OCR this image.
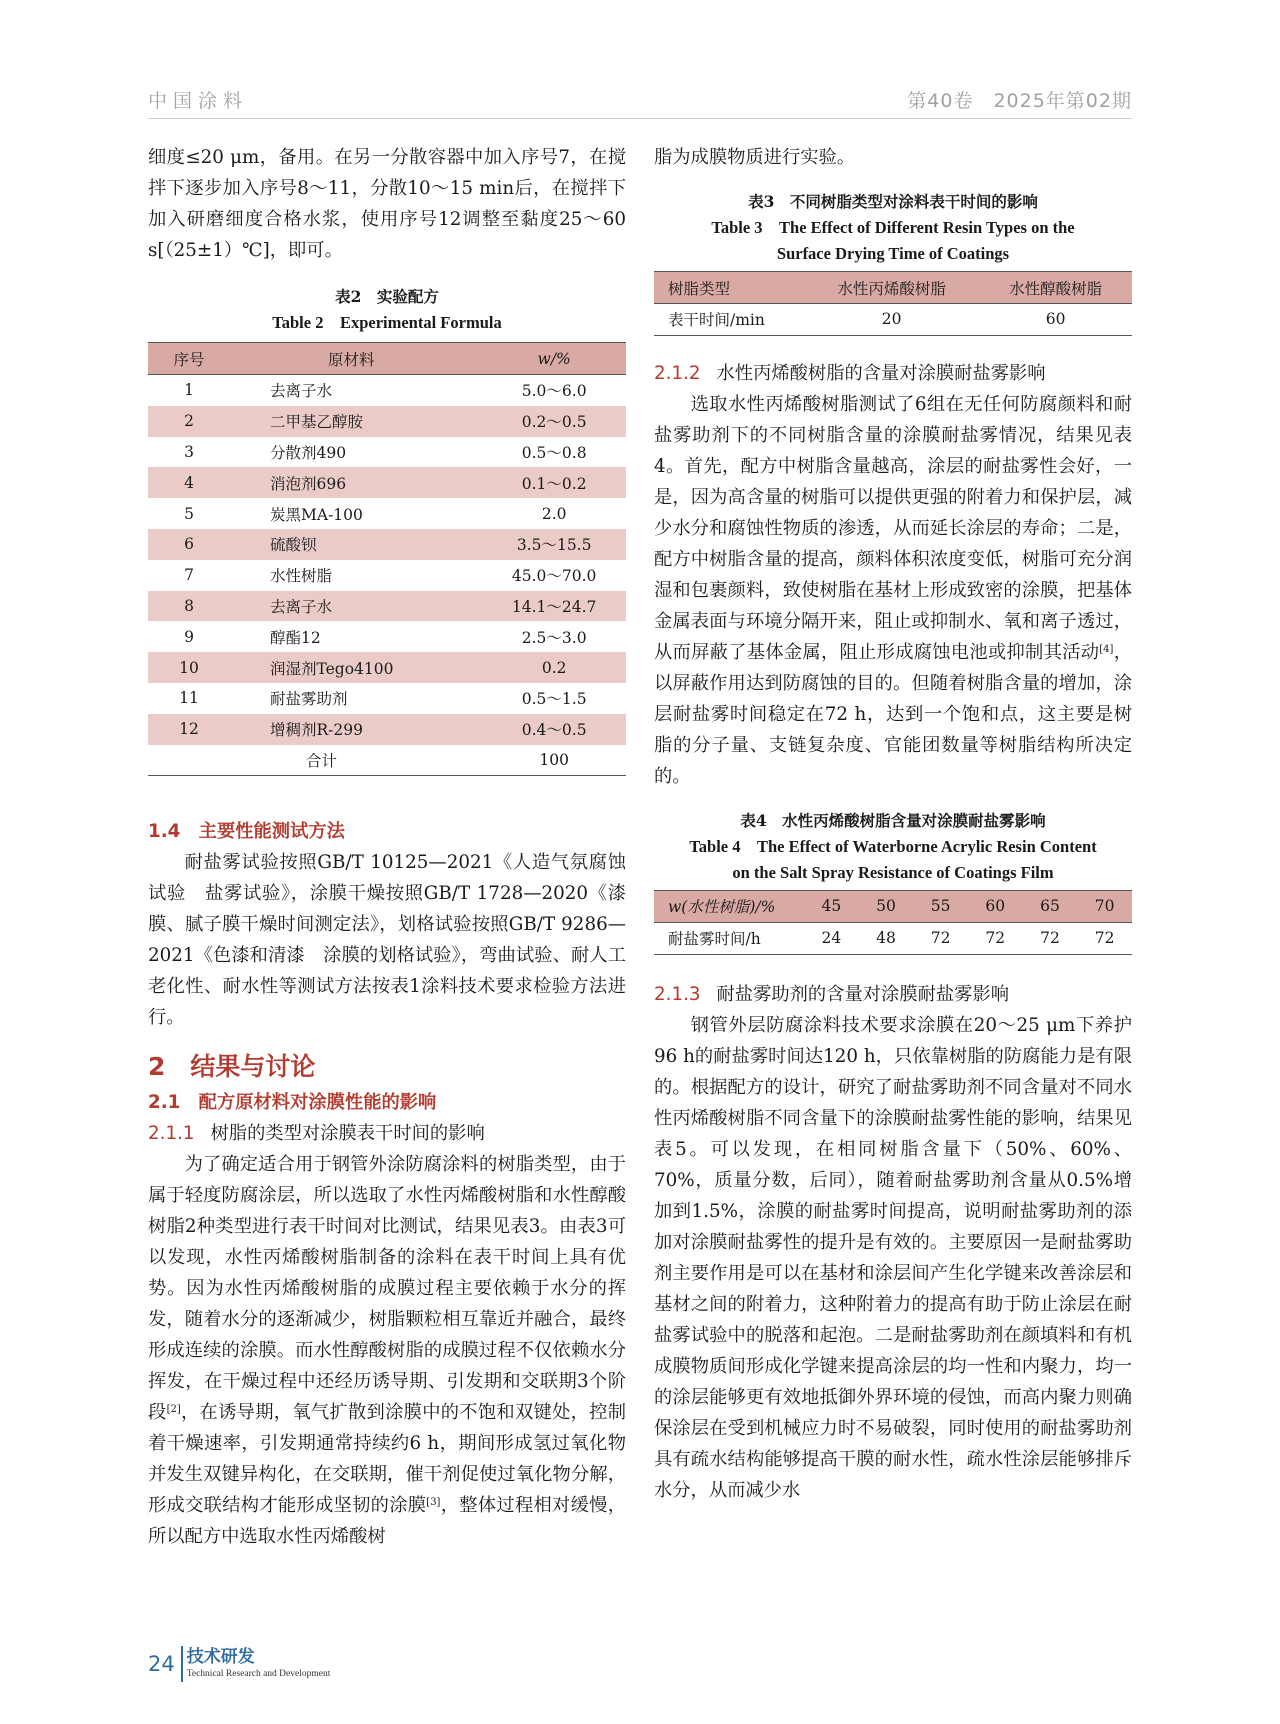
中国涂料	第40卷　2025年第02期

细度≤20 μm，备用。在另一分散容器中加入序号7，在搅拌下逐步加入序号8～11，分散10～15 min后，在搅拌下加入研磨细度合格水浆，使用序号12调整至黏度25～60 s[（25±1）℃]，即可。

表2　实验配方

Table 2　Experimental Formula

序号	原材料	w/%
1	去离子水	5.0～6.0
2	二甲基乙醇胺	0.2～0.5
3	分散剂490	0.5～0.8
4	消泡剂696	0.1～0.2
5	炭黑MA-100	2.0
6	硫酸钡	3.5～15.5
7	水性树脂	45.0～70.0
8	去离子水	14.1～24.7
9	醇酯12	2.5～3.0
10	润湿剂Tego4100	0.2
11	耐盐雾助剂	0.5～1.5
12	增稠剂R-299	0.4～0.5
	合计	100

1.4　主要性能测试方法

耐盐雾试验按照GB/T 10125—2021《人造气氛腐蚀试验　盐雾试验》，涂膜干燥按照GB/T 1728—2020《漆膜、腻子膜干燥时间测定法》，划格试验按照GB/T 9286—2021《色漆和清漆　涂膜的划格试验》，弯曲试验、耐人工老化性、耐水性等测试方法按表1涂料技术要求检验方法进行。

2　结果与讨论

2.1　配方原材料对涂膜性能的影响

2.1.1 树脂的类型对涂膜表干时间的影响

为了确定适合用于钢管外涂防腐涂料的树脂类型，由于属于轻度防腐涂层，所以选取了水性丙烯酸树脂和水性醇酸树脂2种类型进行表干时间对比测试，结果见表3。由表3可以发现，水性丙烯酸树脂制备的涂料在表干时间上具有优势。因为水性丙烯酸树脂的成膜过程主要依赖于水分的挥发，随着水分的逐渐减少，树脂颗粒相互靠近并融合，最终形成连续的涂膜。而水性醇酸树脂的成膜过程不仅依赖水分挥发，在干燥过程中还经历诱导期、引发期和交联期3个阶段[2]，在诱导期，氧气扩散到涂膜中的不饱和双键处，控制着干燥速率，引发期通常持续约6 h，期间形成氢过氧化物并发生双键异构化，在交联期，催干剂促使过氧化物分解，形成交联结构才能形成坚韧的涂膜[3]，整体过程相对缓慢，所以配方中选取水性丙烯酸树

脂为成膜物质进行实验。

表3　不同树脂类型对涂料表干时间的影响

Table 3　The Effect of Different Resin Types on the

Surface Drying Time of Coatings

树脂类型	水性丙烯酸树脂	水性醇酸树脂
表干时间/min	20	60

2.1.2 水性丙烯酸树脂的含量对涂膜耐盐雾影响

选取水性丙烯酸树脂测试了6组在无任何防腐颜料和耐盐雾助剂下的不同树脂含量的涂膜耐盐雾情况，结果见表4。首先，配方中树脂含量越高，涂层的耐盐雾性会好，一是，因为高含量的树脂可以提供更强的附着力和保护层，减少水分和腐蚀性物质的渗透，从而延长涂层的寿命；二是，配方中树脂含量的提高，颜料体积浓度变低，树脂可充分润湿和包裹颜料，致使树脂在基材上形成致密的涂膜，把基体金属表面与环境分隔开来，阻止或抑制水、氧和离子透过，从而屏蔽了基体金属，阻止形成腐蚀电池或抑制其活动[4]，以屏蔽作用达到防腐蚀的目的。但随着树脂含量的增加，涂层耐盐雾时间稳定在72 h，达到一个饱和点，这主要是树脂的分子量、支链复杂度、官能团数量等树脂结构所决定的。

表4　水性丙烯酸树脂含量对涂膜耐盐雾影响

Table 4　The Effect of Waterborne Acrylic Resin Content

on the Salt Spray Resistance of Coatings Film

w(水性树脂)/%	45	50	55	60	65	70
耐盐雾时间/h	24	48	72	72	72	72

2.1.3 耐盐雾助剂的含量对涂膜耐盐雾影响

钢管外层防腐涂料技术要求涂膜在20～25 μm下养护96 h的耐盐雾时间达120 h，只依靠树脂的防腐能力是有限的。根据配方的设计，研究了耐盐雾助剂不同含量对不同水性丙烯酸树脂不同含量下的涂膜耐盐雾性能的影响，结果见表5。可以发现，在相同树脂含量下（50%、60%、70%，质量分数，后同），随着耐盐雾助剂含量从0.5%增加到1.5%，涂膜的耐盐雾时间提高，说明耐盐雾助剂的添加对涂膜耐盐雾性的提升是有效的。主要原因一是耐盐雾助剂主要作用是可以在基材和涂层间产生化学键来改善涂层和基材之间的附着力，这种附着力的提高有助于防止涂层在耐盐雾试验中的脱落和起泡。二是耐盐雾助剂在颜填料和有机成膜物质间形成化学键来提高涂层的均一性和内聚力，均一的涂层能够更有效地抵御外界环境的侵蚀，而高内聚力则确保涂层在受到机械应力时不易破裂，同时使用的耐盐雾助剂具有疏水结构能够提高干膜的耐水性，疏水性涂层能够排斥水分，从而减少水

24 技术研发
Technical Research and Development
